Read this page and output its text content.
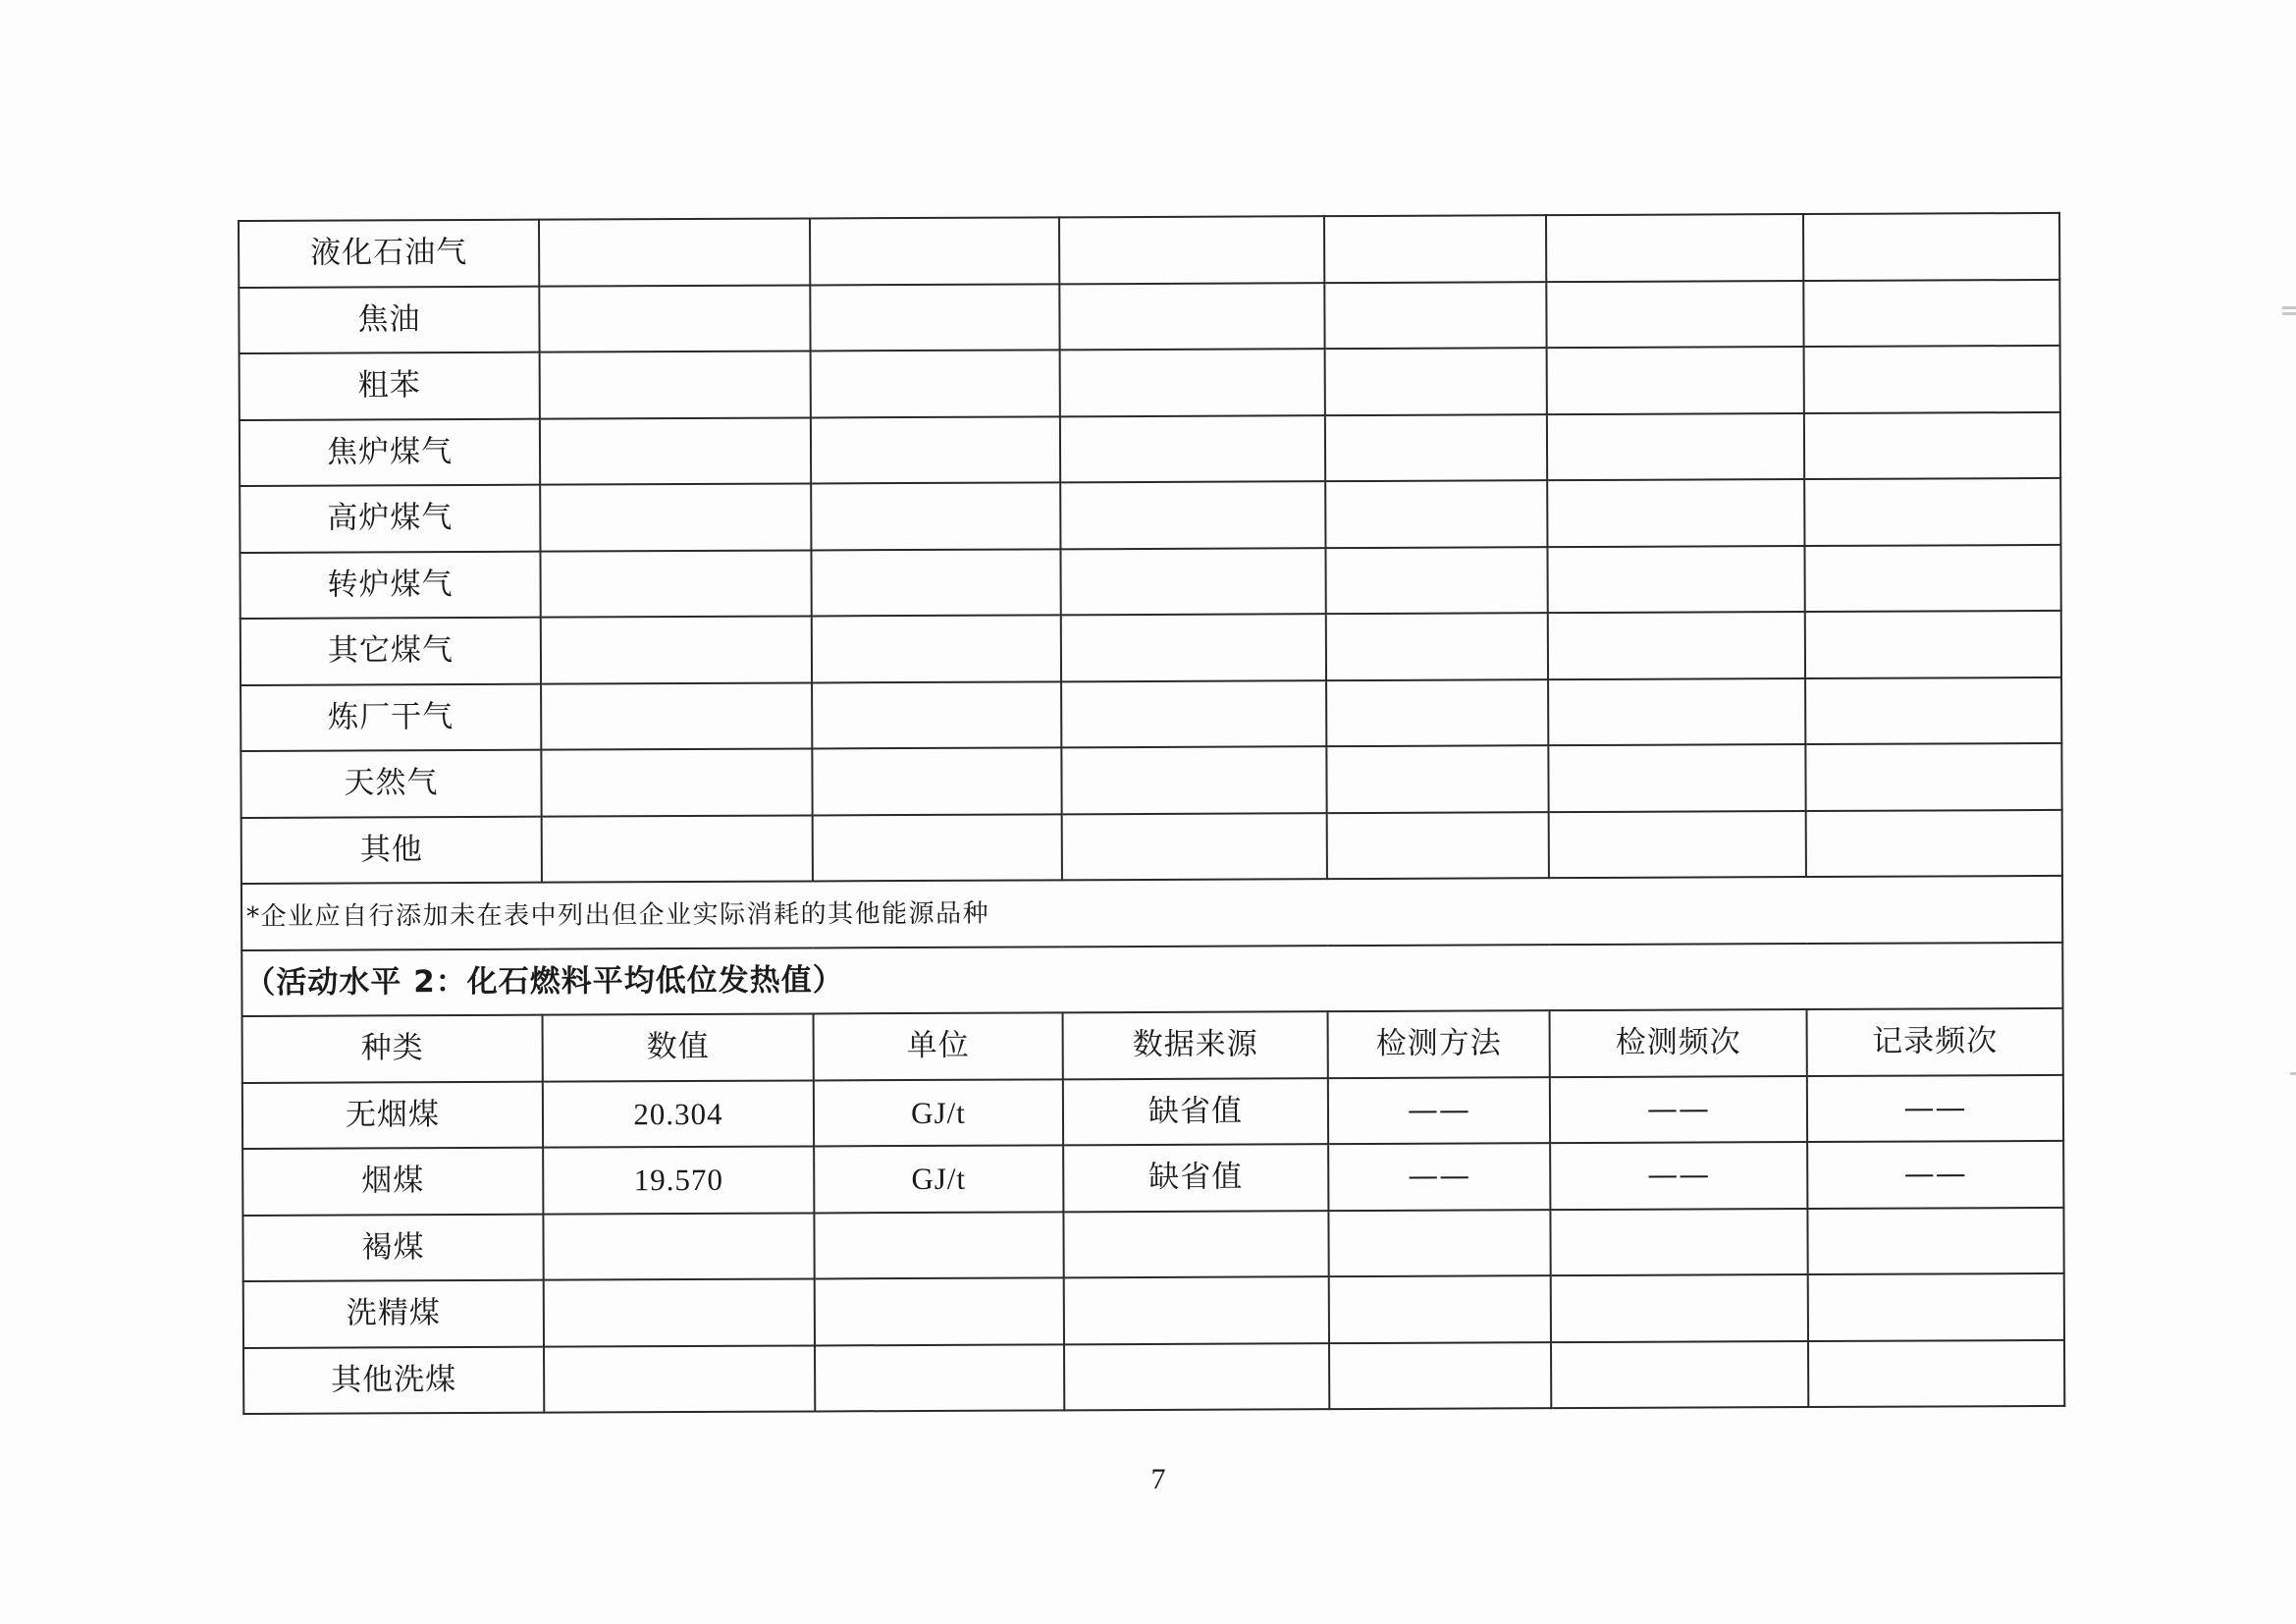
液化石油气						
焦油						
粗苯						
焦炉煤气						
高炉煤气						
转炉煤气						
其它煤气						
炼厂干气						
天然气						
其他						
*企业应自行添加未在表中列出但企业实际消耗的其他能源品种						
（活动水平 2：化石燃料平均低位发热值）						
种类	数值	单位	数据来源	检测方法	检测频次	记录频次
无烟煤	20.304	GJ/t	缺省值	——	——	——
烟煤	19.570	GJ/t	缺省值	——	——	——
褐煤						
洗精煤						
其他洗煤						
7
